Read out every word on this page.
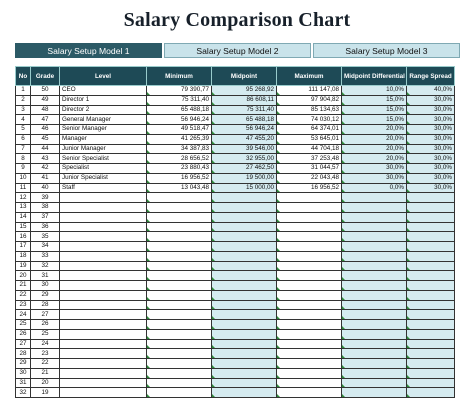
Salary Comparison Chart
Salary Setup Model 1	Salary Setup Model 2	Salary Setup Model 3
No	Grade	Level	Minimum	Midpoint	Maximum	Midpoint Differential	Range Spread
1	50	CEO	79 390,77	95 268,92	111 147,08	10,0%	40,0%
2	49	Director 1	75 311,40	86 608,11	97 904,82	15,0%	30,0%
3	48	Director 2	65 488,18	75 311,40	85 134,63	15,0%	30,0%
4	47	General Manager	56 946,24	65 488,18	74 030,12	15,0%	30,0%
5	46	Senior Manager	49 518,47	56 946,24	64 374,01	20,0%	30,0%
6	45	Manager	41 265,39	47 455,20	53 645,01	20,0%	30,0%
7	44	Junior Manager	34 387,83	39 546,00	44 704,18	20,0%	30,0%
8	43	Senior Specialist	28 656,52	32 955,00	37 253,48	20,0%	30,0%
9	42	Specialist	23 880,43	27 462,50	31 044,57	30,0%	30,0%
10	41	Junior Specialist	16 956,52	19 500,00	22 043,48	30,0%	30,0%
11	40	Staff	13 043,48	15 000,00	16 956,52	0,0%	30,0%
12	39						
13	38						
14	37						
15	36						
16	35						
17	34						
18	33						
19	32						
20	31						
21	30						
22	29						
23	28						
24	27						
25	26						
26	25						
27	24						
28	23						
29	22						
30	21						
31	20						
32	19						
